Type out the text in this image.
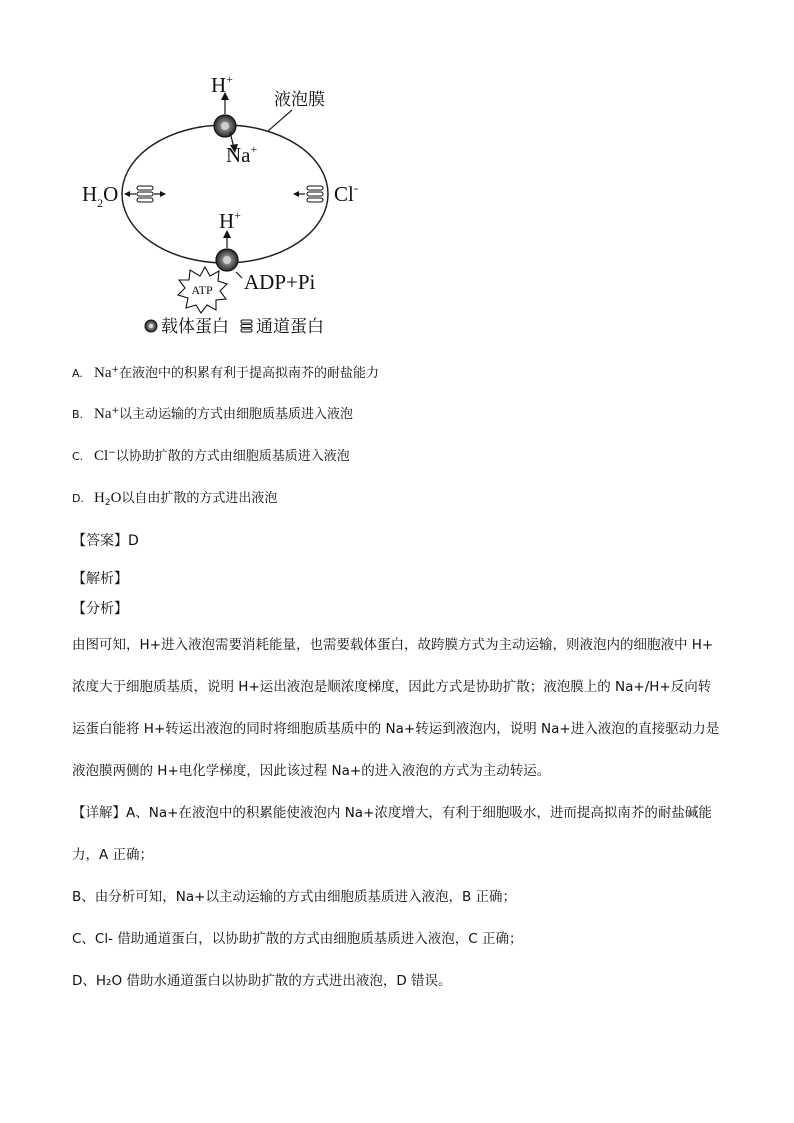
液泡膜
H+
Na+
$H_2O$	Cl-
H+
ATP ADP+Pi
载体蛋白 通道蛋白
A. Na+在液泡中的积累有利于提高拟南芥的耐盐能力
B. Na+以主动运输的方式由细胞质基质进入液泡
C. Cl−以协助扩散的方式由细胞质基质进入液泡
D. $H_2O$以自由扩散的方式进出液泡
【答案】D
【解析】
【分析】
由图可知，H+进入液泡需要消耗能量，也需要载体蛋白，故跨膜方式为主动运输，则液泡内的细胞液中 H+
浓度大于细胞质基质，说明 H+运出液泡是顺浓度梯度，因此方式是协助扩散；液泡膜上的 Na+/H+反向转
运蛋白能将 H+转运出液泡的同时将细胞质基质中的 Na+转运到液泡内，说明 Na+进入液泡的直接驱动力是
液泡膜两侧的 H+电化学梯度，因此该过程 Na+的进入液泡的方式为主动转运。
【详解】A、Na+在液泡中的积累能使液泡内 Na+浓度增大，有利于细胞吸水，进而提高拟南芥的耐盐碱能
力，A 正确；
B、由分析可知，Na+以主动运输的方式由细胞质基质进入液泡，B 正确；
C、Cl- 借助通道蛋白，以协助扩散的方式由细胞质基质进入液泡，C 正确；
D、H₂O 借助水通道蛋白以协助扩散的方式进出液泡，D 错误。
